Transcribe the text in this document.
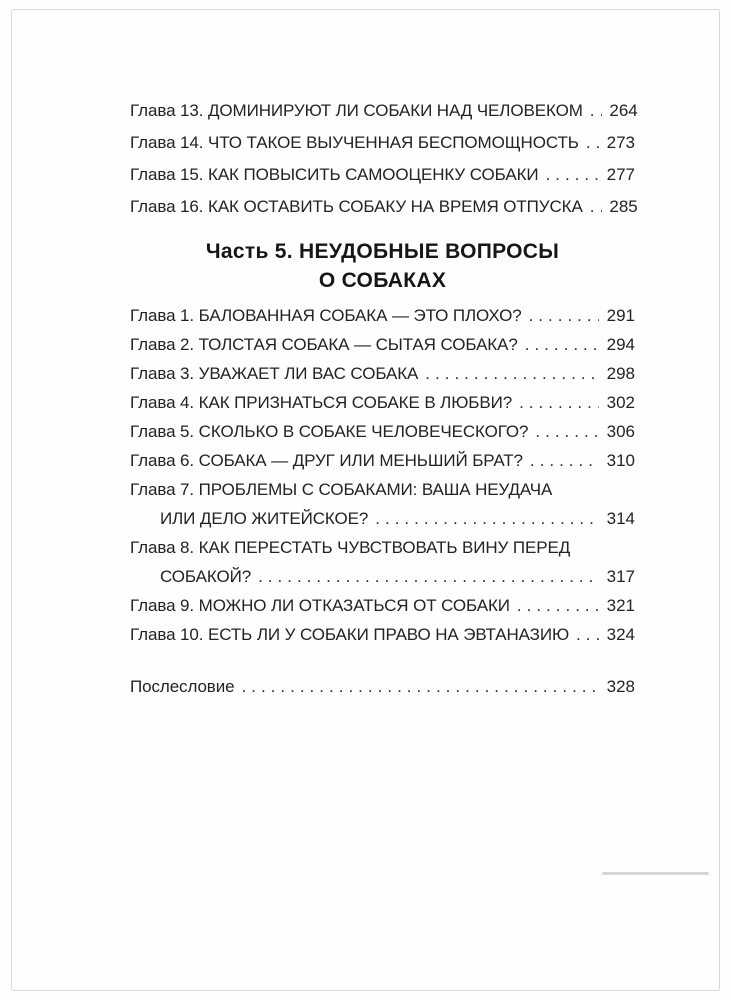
Глава 13. ДОМИНИРУЮТ ЛИ СОБАКИ НАД ЧЕЛОВЕКОМ ..... 264
Глава 14. ЧТО ТАКОЕ ВЫУЧЕННАЯ БЕСПОМОЩНОСТЬ ..... 273
Глава 15. КАК ПОВЫСИТЬ САМООЦЕНКУ СОБАКИ .....	277
Глава 16. КАК ОСТАВИТЬ СОБАКУ НА ВРЕМЯ ОТПУСКА ..... 285
Часть 5. НЕУДОБНЫЕ ВОПРОСЫ
О СОБАКАХ
Глава 1. БАЛОВАННАЯ СОБАКА — ЭТО ПЛОХО? .....	291
Глава 2. ТОЛСТАЯ СОБАКА — СЫТАЯ СОБАКА? .....	294
Глава 3. УВАЖАЕТ ЛИ ВАС СОБАКА .....	298
Глава 4. КАК ПРИЗНАТЬСЯ СОБАКЕ В ЛЮБВИ? .....	302
Глава 5. СКОЛЬКО В СОБАКЕ ЧЕЛОВЕЧЕСКОГО? .....	306
Глава 6. СОБАКА — ДРУГ ИЛИ МЕНЬШИЙ БРАТ? .....	310
Глава 7. ПРОБЛЕМЫ С СОБАКАМИ: ВАША НЕУДАЧА
ИЛИ ДЕЛО ЖИТЕЙСКОЕ? .....	314
Глава 8. КАК ПЕРЕСТАТЬ ЧУВСТВОВАТЬ ВИНУ ПЕРЕД
СОБАКОЙ? .....	317
Глава 9. МОЖНО ЛИ ОТКАЗАТЬСЯ ОТ СОБАКИ .....	321
Глава 10. ЕСТЬ ЛИ У СОБАКИ ПРАВО НА ЭВТАНАЗИЮ ..... 324
Послесловие .....	328
